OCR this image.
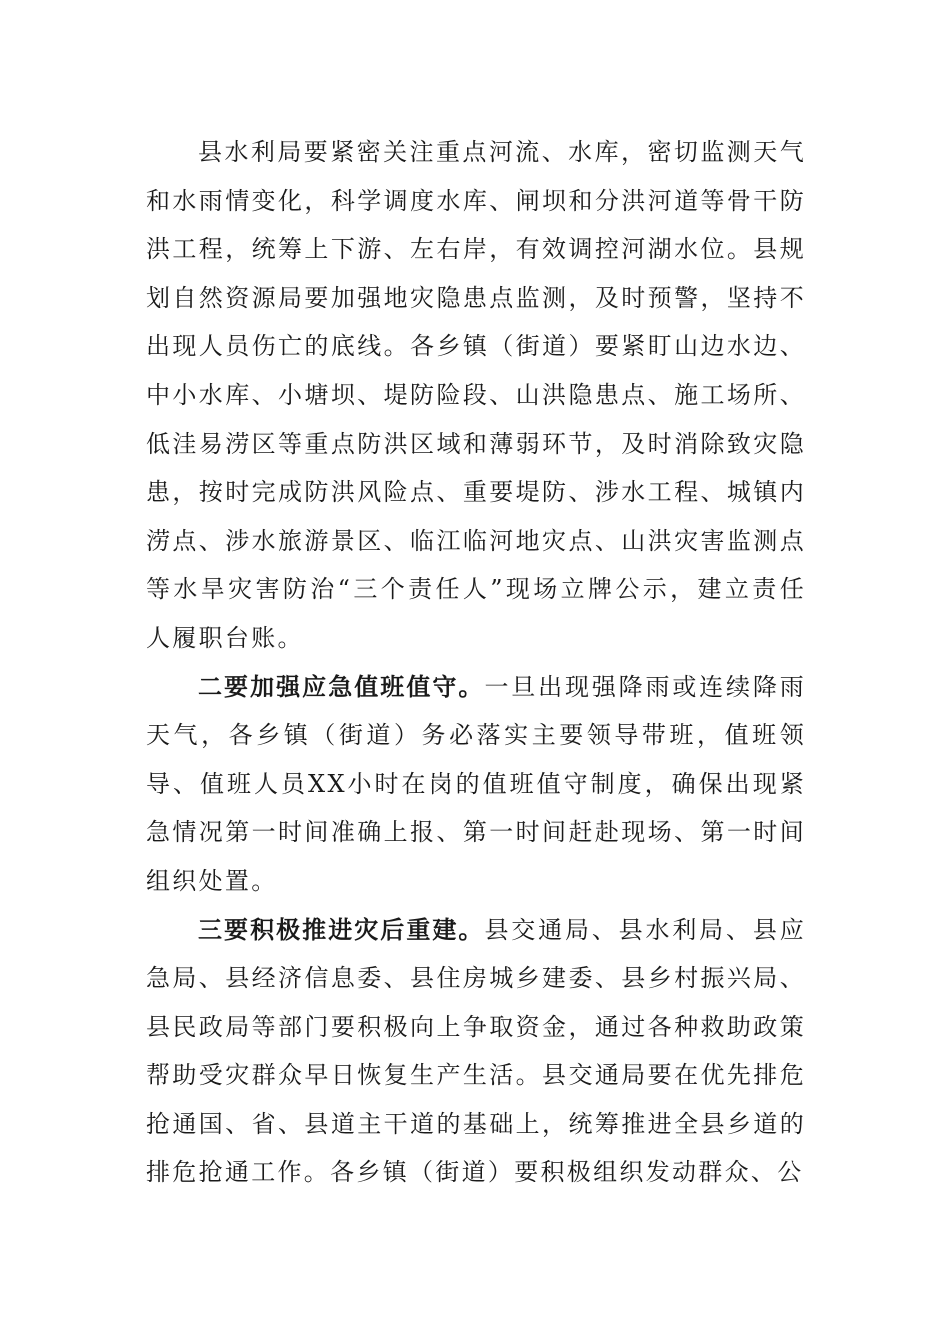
县水利局要紧密关注重点河流、水库，密切监测天气和水雨情变化，科学调度水库、闸坝和分洪河道等骨干防洪工程，统筹上下游、左右岸，有效调控河湖水位。县规划自然资源局要加强地灾隐患点监测，及时预警，坚持不出现人员伤亡的底线。各乡镇（街道）要紧盯山边水边、中小水库、小塘坝、堤防险段、山洪隐患点、施工场所、低洼易涝区等重点防洪区域和薄弱环节，及时消除致灾隐患，按时完成防洪风险点、重要堤防、涉水工程、城镇内涝点、涉水旅游景区、临江临河地灾点、山洪灾害监测点等水旱灾害防治“三个责任人”现场立牌公示，建立责任人履职台账。

二要加强应急值班值守。一旦出现强降雨或连续降雨天气，各乡镇（街道）务必落实主要领导带班，值班领导、值班人员XX小时在岗的值班值守制度，确保出现紧急情况第一时间准确上报、第一时间赶赴现场、第一时间组织处置。

三要积极推进灾后重建。县交通局、县水利局、县应急局、县经济信息委、县住房城乡建委、县乡村振兴局、县民政局等部门要积极向上争取资金，通过各种救助政策帮助受灾群众早日恢复生产生活。县交通局要在优先排危抢通国、省、县道主干道的基础上，统筹推进全县乡道的排危抢通工作。各乡镇（街道）要积极组织发动群众、公
